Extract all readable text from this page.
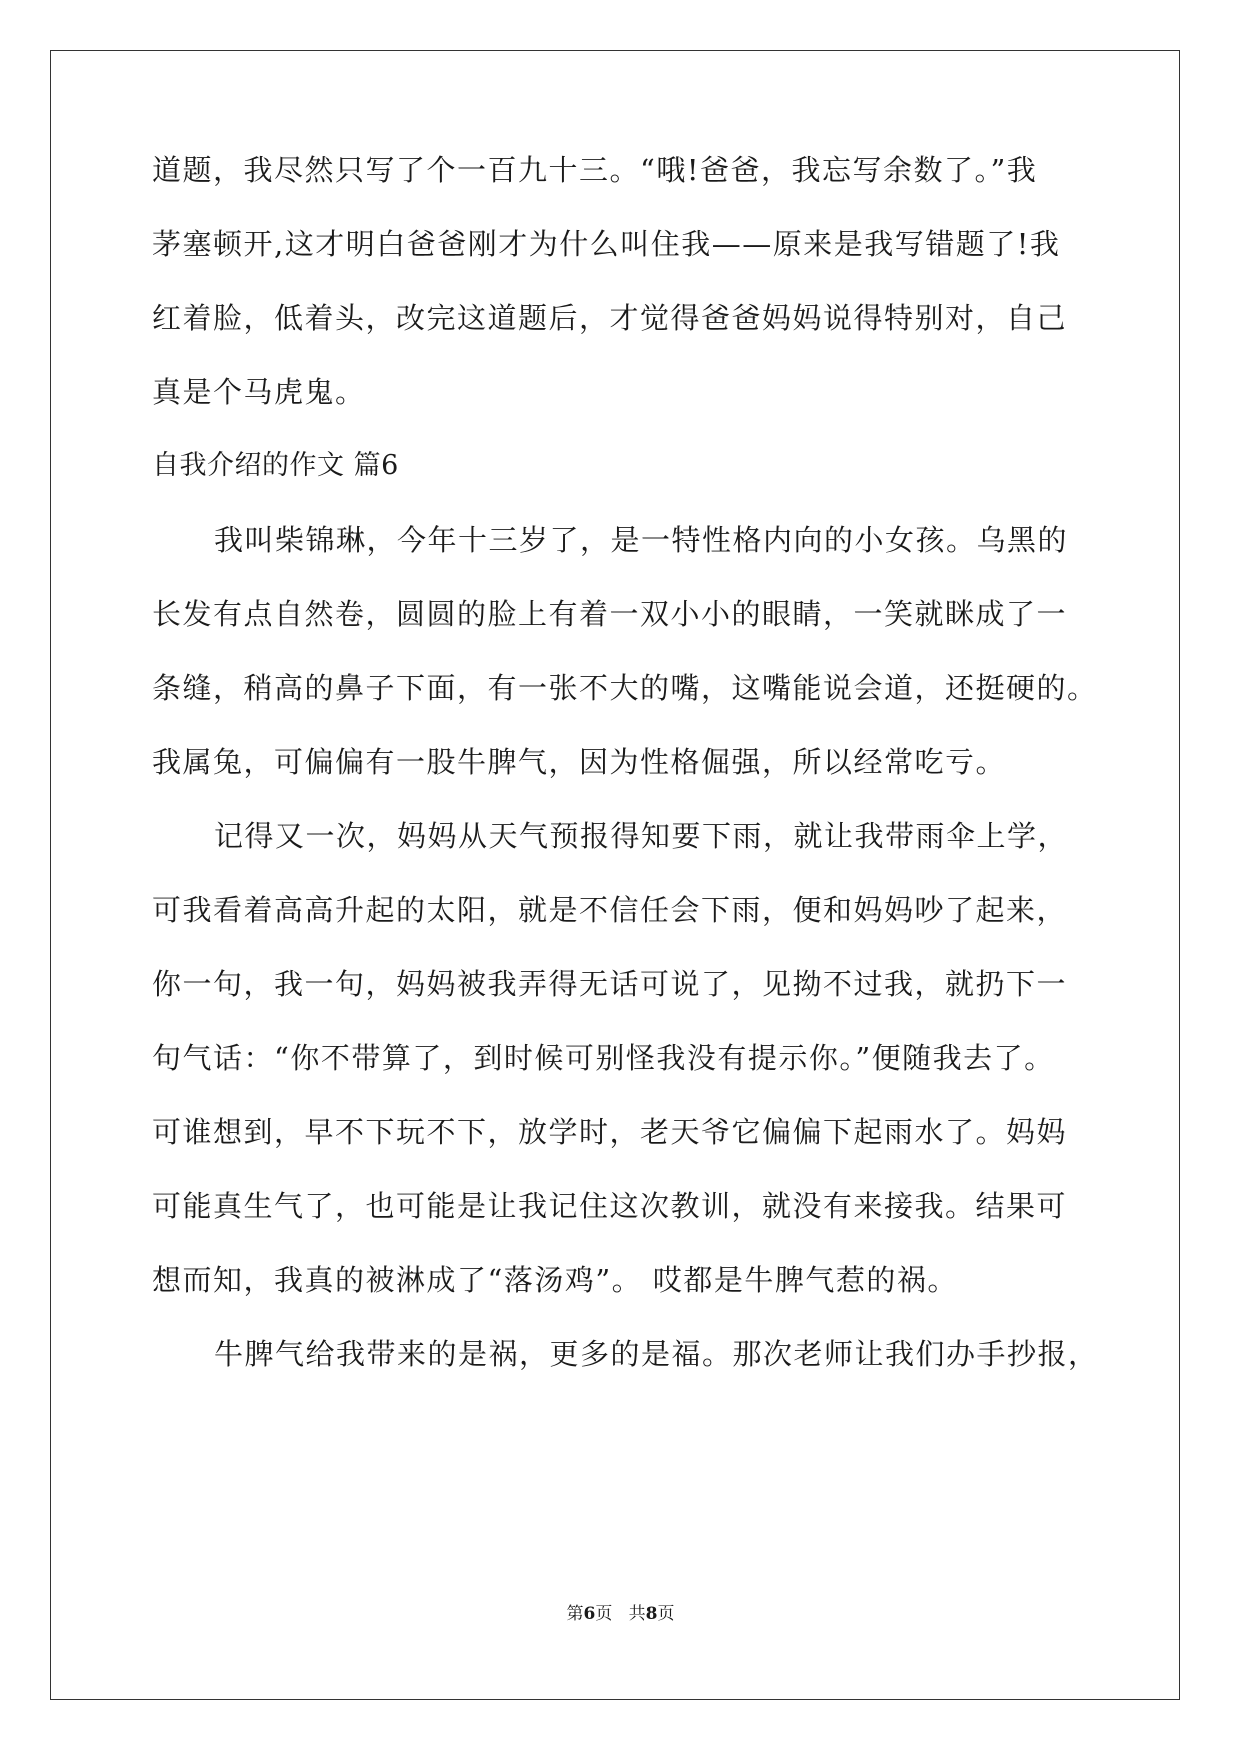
道题，我尽然只写了个一百九十三。“哦!爸爸，我忘写余数了。”我
茅塞顿开,这才明白爸爸刚才为什么叫住我——原来是我写错题了!我
红着脸，低着头，改完这道题后，才觉得爸爸妈妈说得特别对，自己
真是个马虎鬼。
自我介绍的作文 篇6
我叫柴锦琳，今年十三岁了，是一特性格内向的小女孩。乌黑的
长发有点自然卷，圆圆的脸上有着一双小小的眼睛，一笑就眯成了一
条缝，稍高的鼻子下面，有一张不大的嘴，这嘴能说会道，还挺硬的。
我属兔，可偏偏有一股牛脾气，因为性格倔强，所以经常吃亏。
记得又一次，妈妈从天气预报得知要下雨，就让我带雨伞上学，
可我看着高高升起的太阳，就是不信任会下雨，便和妈妈吵了起来，
你一句，我一句，妈妈被我弄得无话可说了，见拗不过我，就扔下一
句气话：“你不带算了，到时候可别怪我没有提示你。”便随我去了。
可谁想到，早不下玩不下，放学时，老天爷它偏偏下起雨水了。妈妈
可能真生气了，也可能是让我记住这次教训，就没有来接我。结果可
想而知，我真的被淋成了“落汤鸡”。 哎都是牛脾气惹的祸。
牛脾气给我带来的是祸，更多的是福。那次老师让我们办手抄报，
第6页   共8页
